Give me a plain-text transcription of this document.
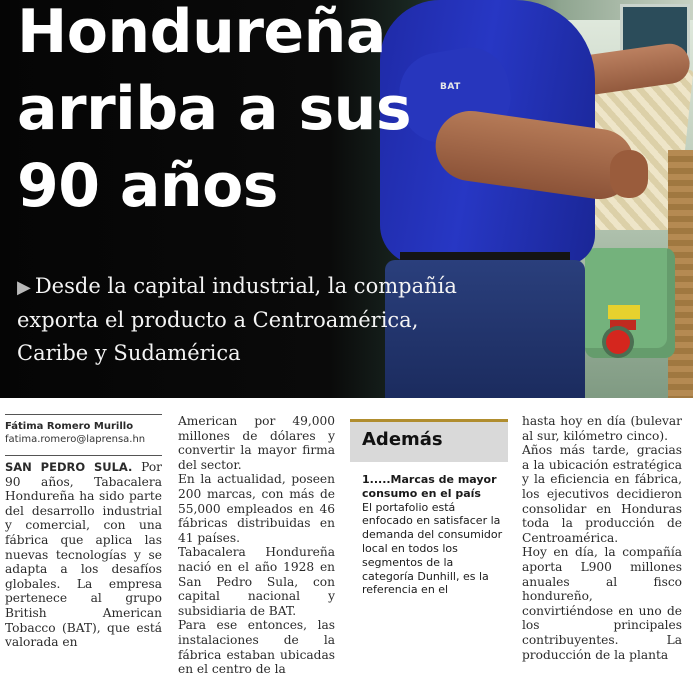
BAT
Hondureña
arriba a sus
90 años
▶ Desde la capital industrial, la compañía exporta el producto a Centroamérica, Caribe y Sudamérica
Fátima Romero Murillo
fatima.romero@laprensa.hn

SAN PEDRO SULA. Por 90 años, Tabacalera Hondureña ha sido parte del desarrollo industrial y comercial, con una fábrica que aplica las nuevas tecnologías y se adapta a los desafíos globales. La empresa pertenece al grupo British American Tobacco (BAT), que está valorada en

American por 49,000 millones de dólares y convertir la mayor firma del sector.

En la actualidad, poseen 200 marcas, con más de 55,000 empleados en 46 fábricas distribuidas en 41 países.

Tabacalera Hondureña nació en el año 1928 en San Pedro Sula, con capital nacional y subsidiaria de BAT.

Para ese entonces, las instalaciones de la fábrica estaban ubicadas en el centro de la

Además
1.....Marcas de mayor consumo en el país
El portafolio está enfocado en satisfacer la demanda del consumidor local en todos los segmentos de la categoría Dunhill, es la referencia en el

hasta hoy en día (bulevar al sur, kilómetro cinco).

Años más tarde, gracias a la ubicación estratégica y la eficiencia en fábrica, los ejecutivos decidieron consolidar en Honduras toda la producción de Centroamérica.

Hoy en día, la compañía aporta L900 millones anuales al fisco hondureño, convirtiéndose en uno de los principales contribuyentes. La producción de la planta
